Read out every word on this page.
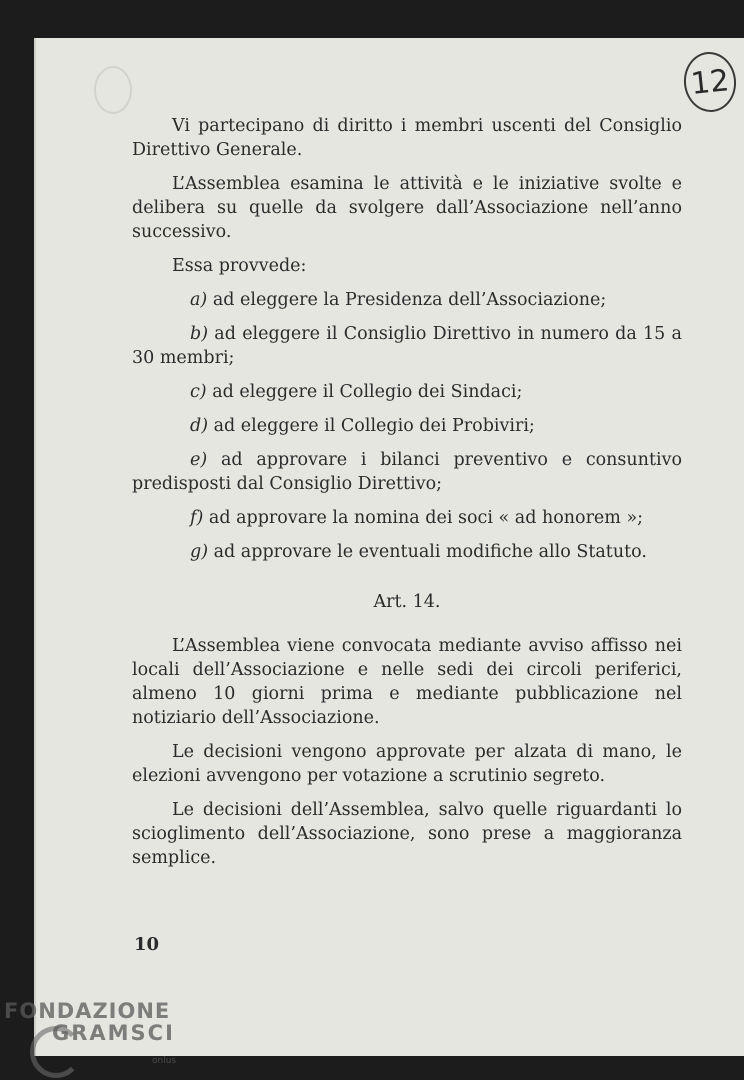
12

Vi partecipano di diritto i membri uscenti del Consiglio Direttivo Generale.

L’Assemblea esamina le attività e le iniziative svolte e delibera su quelle da svolgere dall’Associazione nell’anno successivo.

Essa provvede:

a) ad eleggere la Presidenza dell’Associazione;

b) ad eleggere il Consiglio Direttivo in numero da 15 a 30 membri;

c) ad eleggere il Collegio dei Sindaci;

d) ad eleggere il Collegio dei Probiviri;

e) ad approvare i bilanci preventivo e consuntivo predisposti dal Consiglio Direttivo;

f) ad approvare la nomina dei soci « ad honorem »;

g) ad approvare le eventuali modifiche allo Statuto.

Art. 14.

L’Assemblea viene convocata mediante avviso affisso nei locali dell’Associazione e nelle sedi dei circoli periferici, almeno 10 giorni prima e mediante pubblicazione nel notiziario dell’Associazione.

Le decisioni vengono approvate per alzata di mano, le elezioni avvengono per votazione a scrutinio segreto.

Le decisioni dell’Assemblea, salvo quelle riguardanti lo scioglimento dell’Associazione, sono prese a maggioranza semplice.

10
FONDAZIONE
GRAMSCI
onlus
